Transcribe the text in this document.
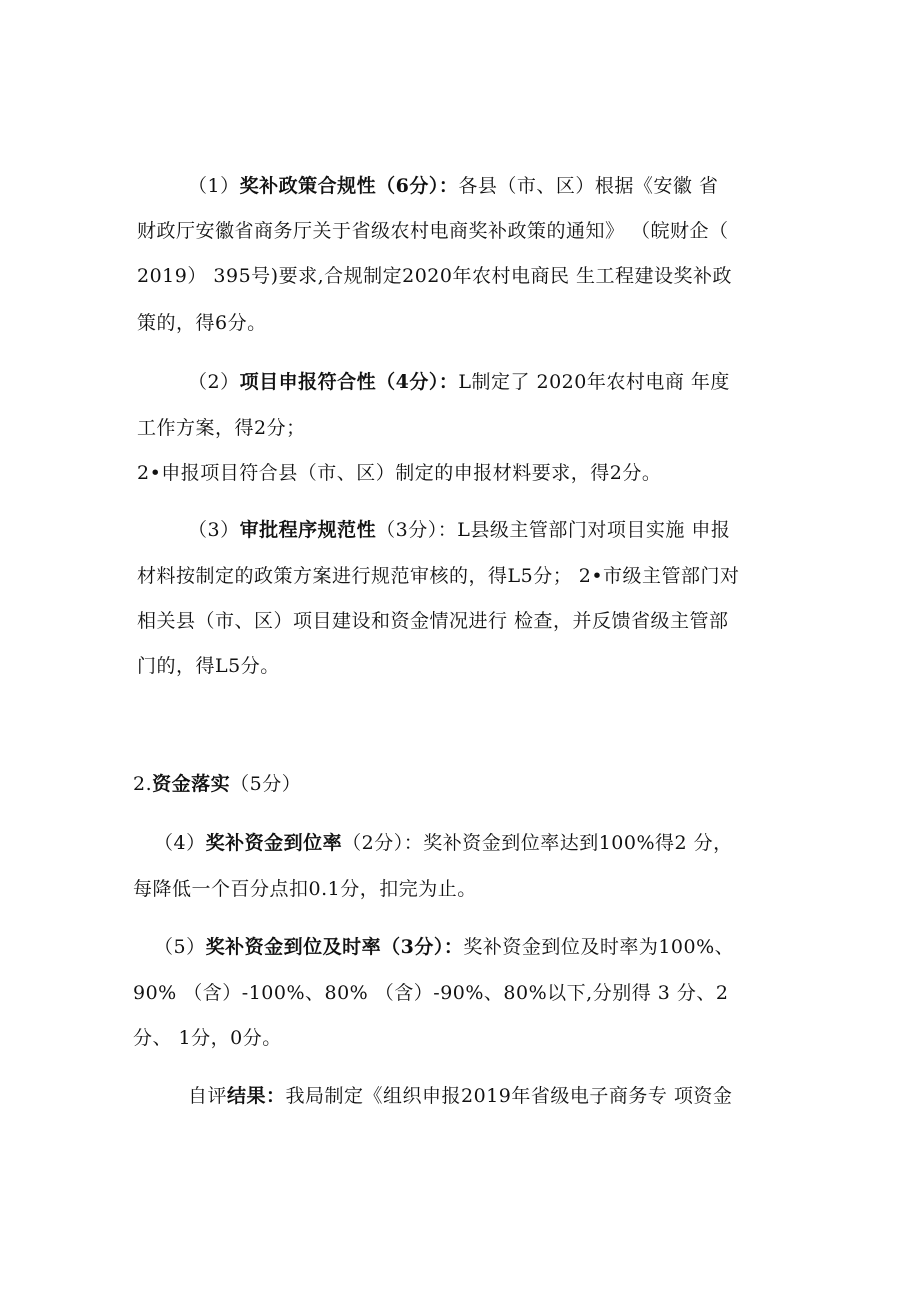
（1）奖补政策合规性（6分）：各县（市、区）根据《安徽 省
财政厅安徽省商务厅关于省级农村电商奖补政策的通知》 （皖财企（
2019） 395号)要求,合规制定2020年农村电商民 生工程建设奖补政
策的，得6分。
（2）项目申报符合性（4分）：L制定了 2020年农村电商 年度
工作方案，得2分；
2•申报项目符合县（市、区）制定的申报材料要求，得2分。
（3）审批程序规范性（3分）：L县级主管部门对项目实施 申报
材料按制定的政策方案进行规范审核的，得L5分； 2•市级主管部门对
相关县（市、区）项目建设和资金情况进行 检查，并反馈省级主管部
门的，得L5分。
2.资金落实（5分）
（4）奖补资金到位率（2分）：奖补资金到位率达到100%得2 分，
每降低一个百分点扣0.1分，扣完为止。
（5）奖补资金到位及时率（3分）：奖补资金到位及时率为100%、
90% （含）-100%、80% （含）-90%、80%以下,分别得 3 分、2
分、 1分，0分。
自评结果：我局制定《组织申报2019年省级电子商务专 项资金
